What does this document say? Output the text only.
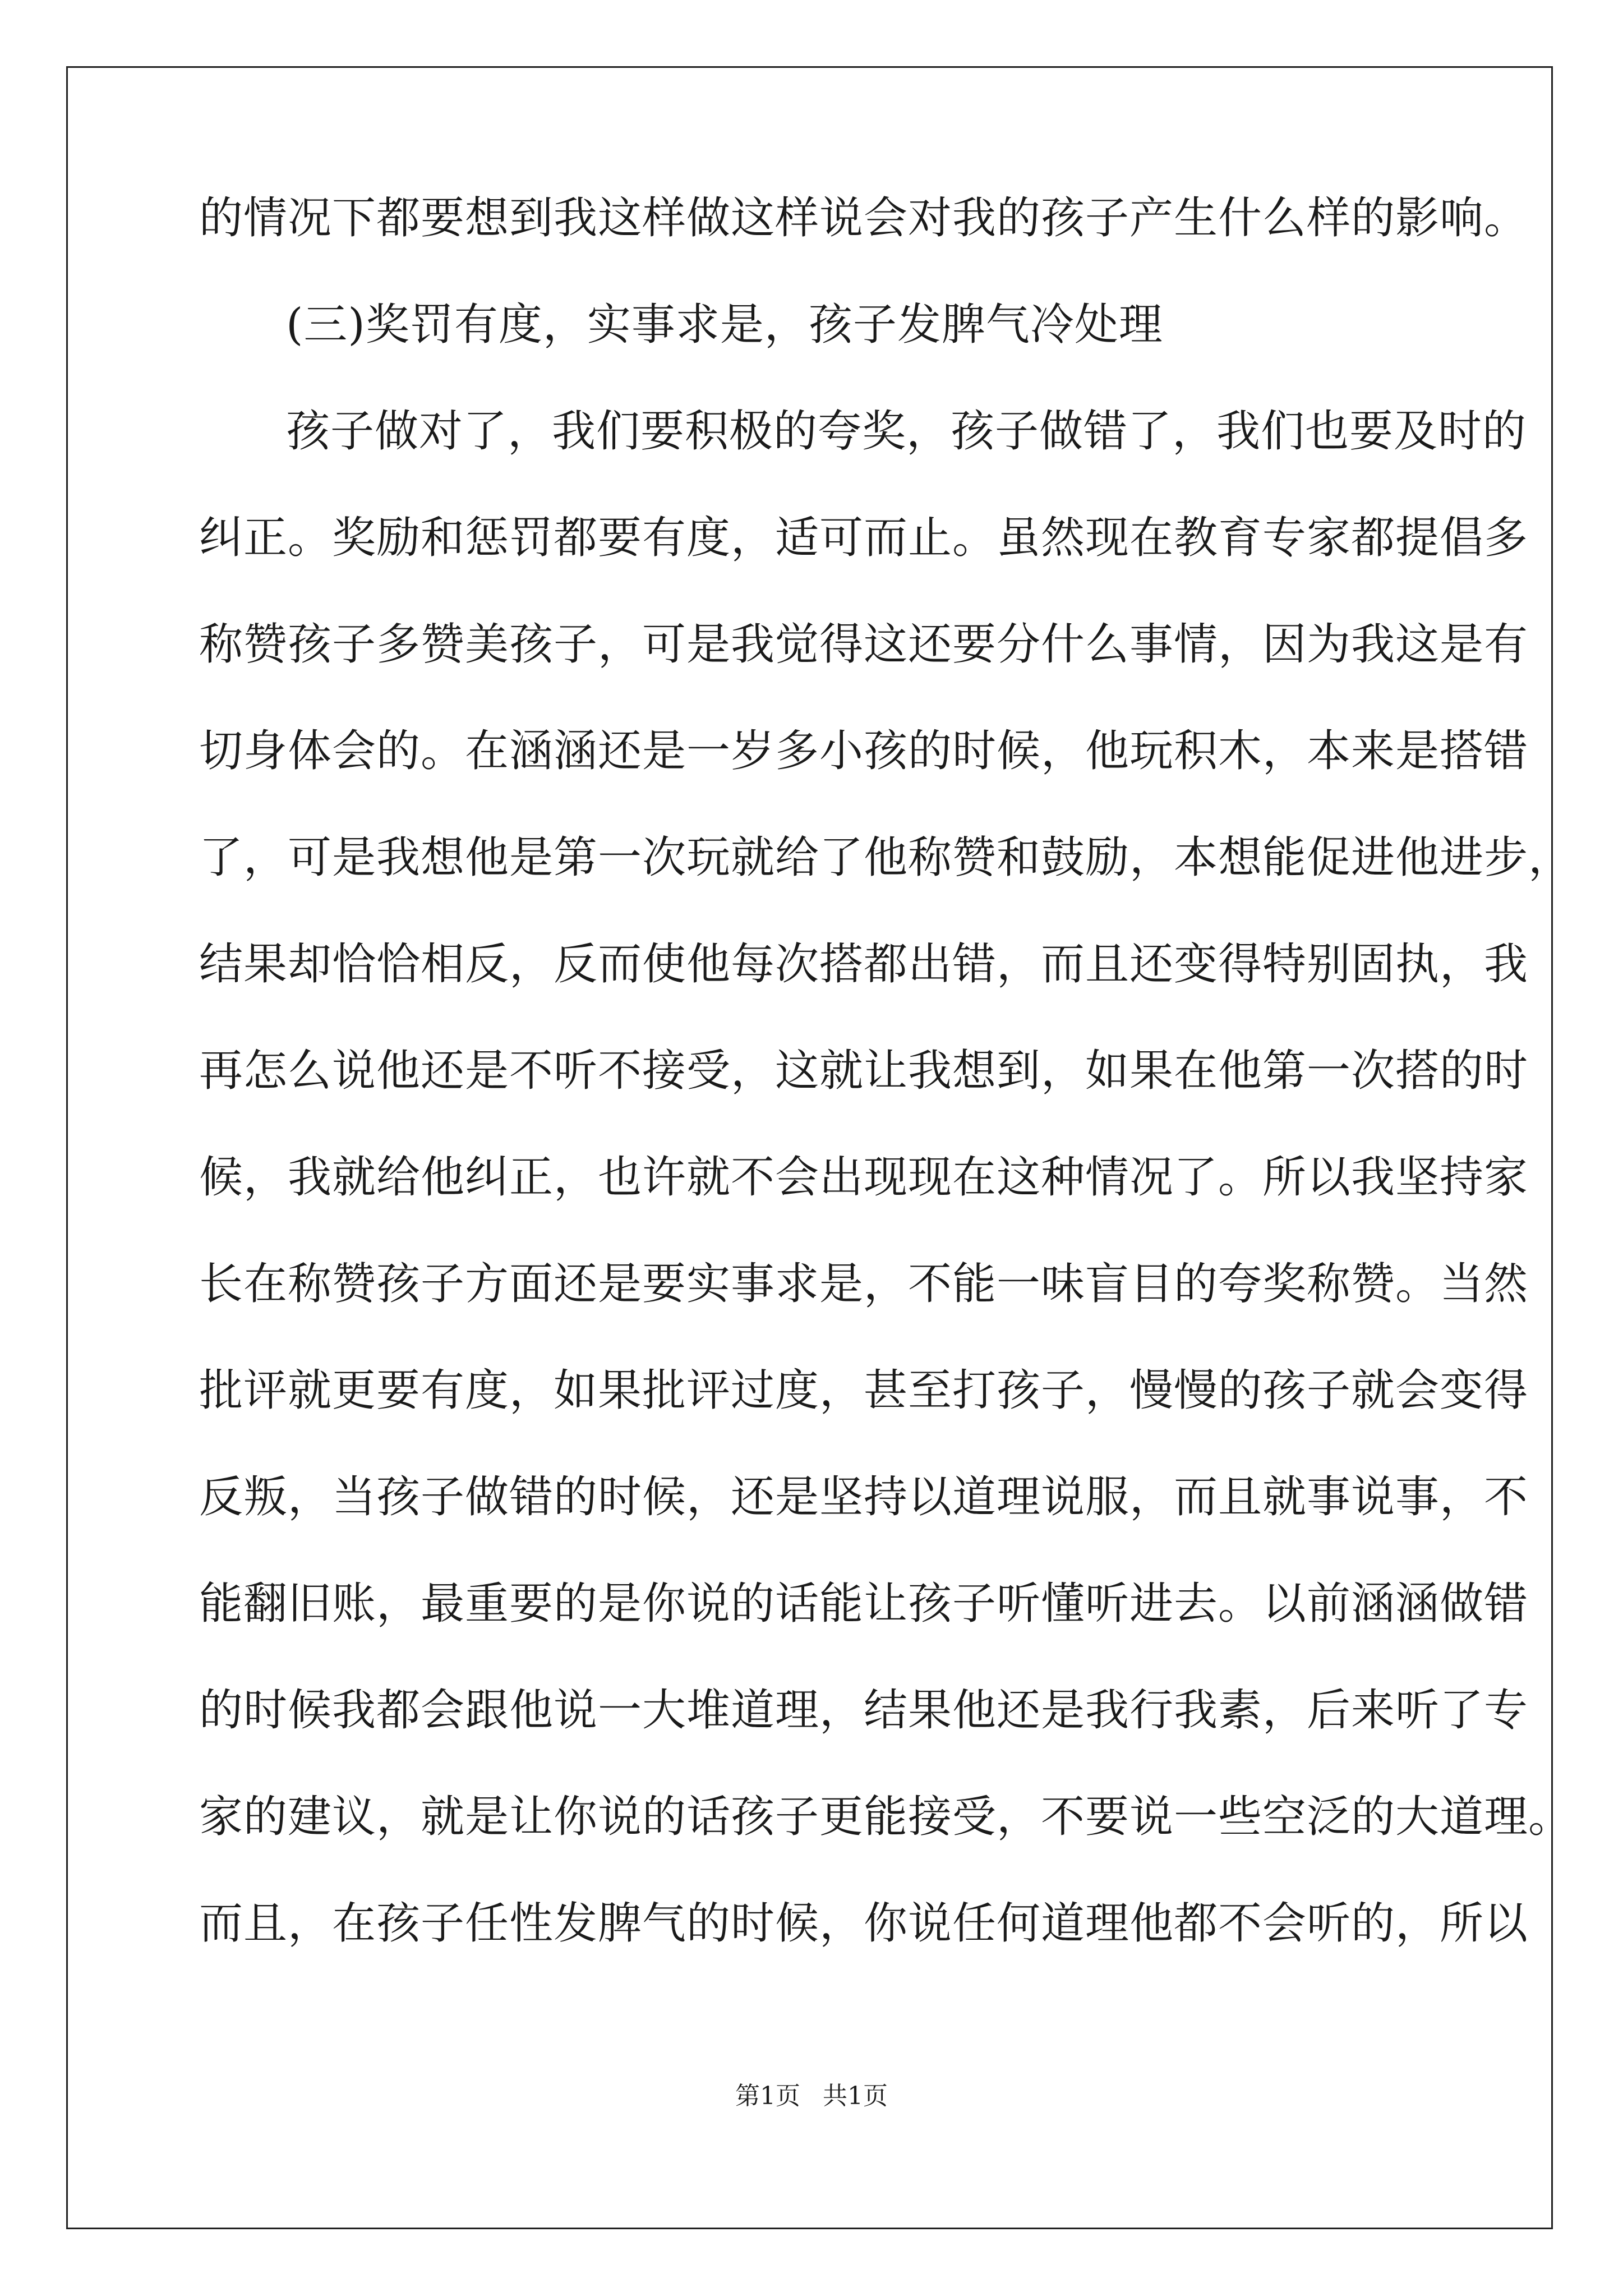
的情况下都要想到我这样做这样说会对我的孩子产生什么样的影响。
(三)奖罚有度，实事求是，孩子发脾气冷处理
孩子做对了，我们要积极的夸奖，孩子做错了，我们也要及时的
纠正。奖励和惩罚都要有度，适可而止。虽然现在教育专家都提倡多
称赞孩子多赞美孩子，可是我觉得这还要分什么事情，因为我这是有
切身体会的。在涵涵还是一岁多小孩的时候，他玩积木，本来是搭错
了，可是我想他是第一次玩就给了他称赞和鼓励，本想能促进他进步，
结果却恰恰相反，反而使他每次搭都出错，而且还变得特别固执，我
再怎么说他还是不听不接受，这就让我想到，如果在他第一次搭的时
候，我就给他纠正，也许就不会出现现在这种情况了。所以我坚持家
长在称赞孩子方面还是要实事求是，不能一味盲目的夸奖称赞。当然
批评就更要有度，如果批评过度，甚至打孩子，慢慢的孩子就会变得
反叛，当孩子做错的时候，还是坚持以道理说服，而且就事说事，不
能翻旧账，最重要的是你说的话能让孩子听懂听进去。以前涵涵做错
的时候我都会跟他说一大堆道理，结果他还是我行我素，后来听了专
家的建议，就是让你说的话孩子更能接受，不要说一些空泛的大道理。
而且，在孩子任性发脾气的时候，你说任何道理他都不会听的，所以
第1页 共1页
